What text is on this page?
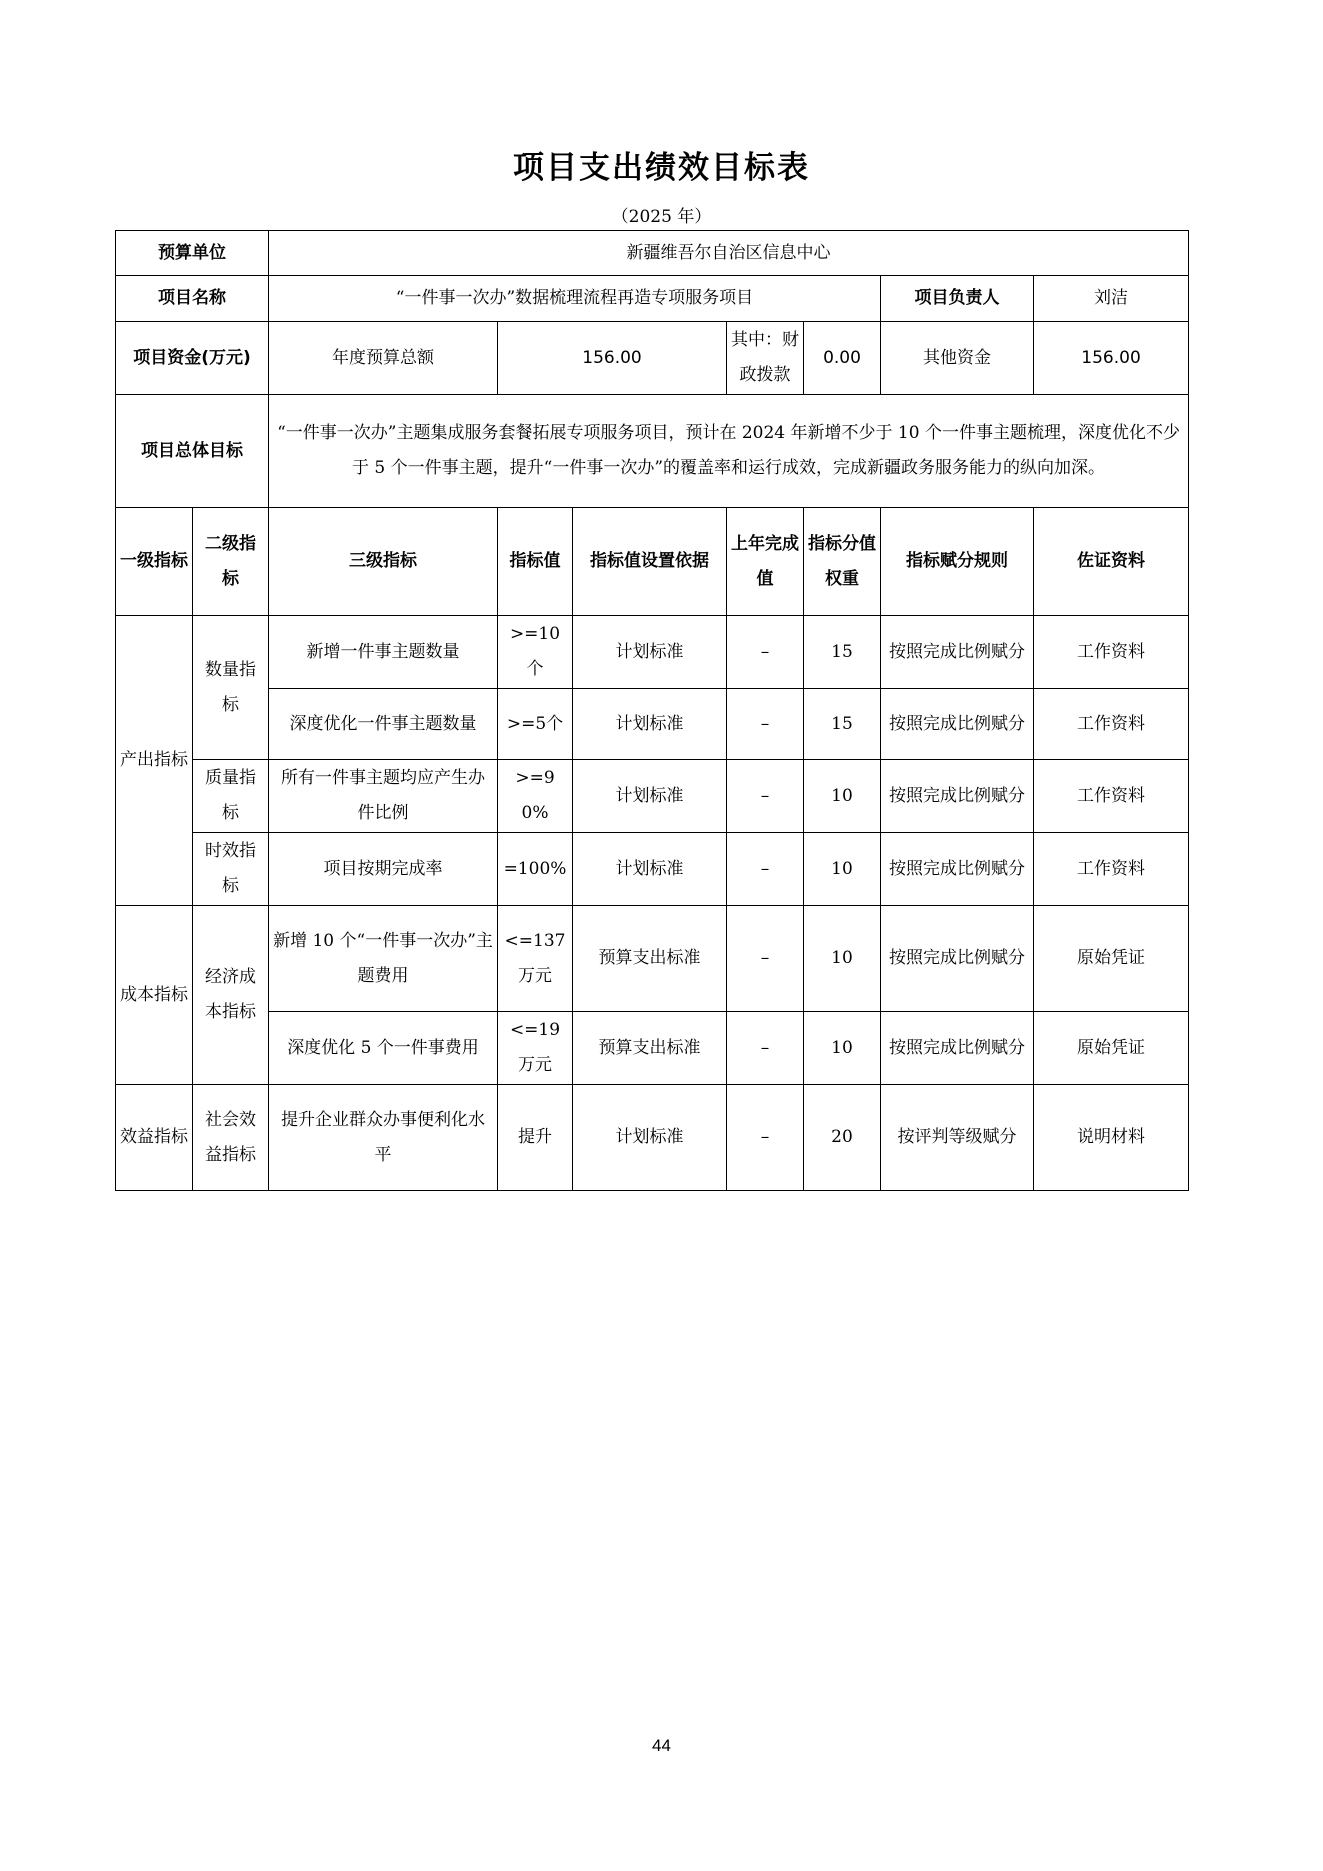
项目支出绩效目标表
（2025 年）
预算单位		新疆维吾尔自治区信息中心						
项目名称		“一件事一次办”数据梳理流程再造专项服务项目					项目负责人	刘洁
项目资金(万元)		年度预算总额	156.00		其中：财政拨款	0.00	其他资金	156.00
项目总体目标		“一件事一次办”主题集成服务套餐拓展专项服务项目，预计在 2024 年新增不少于 10 个一件事主题梳理，深度优化不少于 5 个一件事主题，提升“一件事一次办”的覆盖率和运行成效，完成新疆政务服务能力的纵向加深。						
一级指标	二级指标	三级指标	指标值	指标值设置依据	上年完成值	指标分值权重	指标赋分规则	佐证资料
产出指标	数量指标	新增一件事主题数量	>=10个	计划标准	–	15	按照完成比例赋分	工作资料
		深度优化一件事主题数量	>=5个	计划标准	–	15	按照完成比例赋分	工作资料
	质量指标	所有一件事主题均应产生办件比例	>=90%	计划标准	–	10	按照完成比例赋分	工作资料
	时效指标	项目按期完成率	=100%	计划标准	–	10	按照完成比例赋分	工作资料
成本指标	经济成本指标	新增 10 个“一件事一次办”主题费用	<=137万元	预算支出标准	–	10	按照完成比例赋分	原始凭证
		深度优化 5 个一件事费用	<=19万元	预算支出标准	–	10	按照完成比例赋分	原始凭证
效益指标	社会效益指标	提升企业群众办事便利化水平	提升	计划标准	–	20	按评判等级赋分	说明材料
44
